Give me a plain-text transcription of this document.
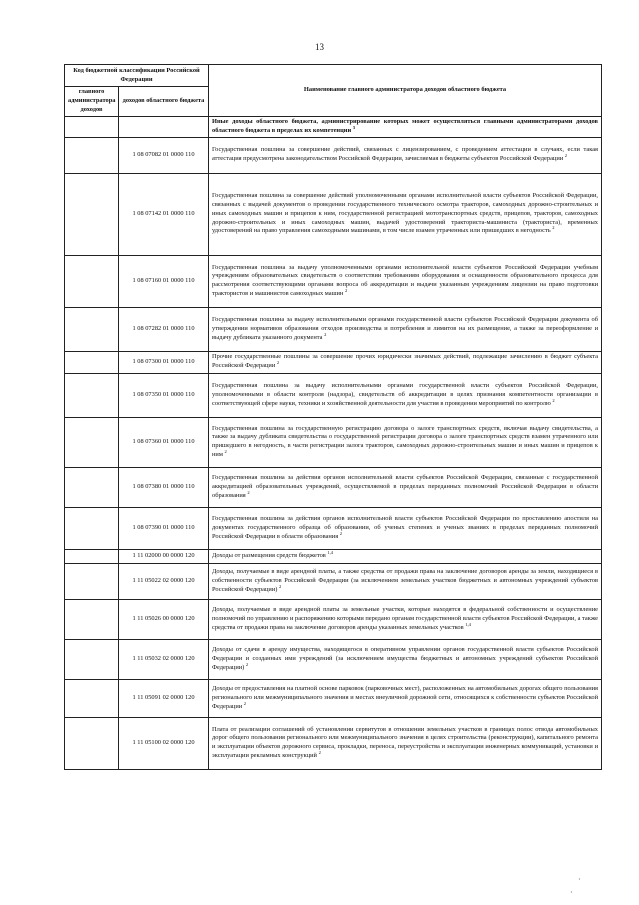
13
Код бюджетной классификации Российской Федерации		Наименование главного администратора доходов областного бюджета
главного администратора доходов	доходов областного бюджета	
		Иные доходы областного бюджета, администрирование которых может осуществляться главными администраторами доходов областного бюджета в пределах их компетенции $^3$
	1 08 07082 01 0000 110	Государственная пошлина за совершение действий, связанных с лицензированием, с проведением аттестации в случаях, если такая аттестация предусмотрена законодательством Российской Федерации, зачисляемая в бюджеты субъектов Российской Федерации $^2$
	1 08 07142 01 0000 110	Государственная пошлина за совершение действий уполномоченными органами исполнительной власти субъектов Российской Федерации, связанных с выдачей документов о проведении государственного технического осмотра тракторов, самоходных дорожно-строительных и иных самоходных машин и прицепов к ним, государственной регистрацией мототранспортных средств, прицепов, тракторов, самоходных дорожно-строительных и иных самоходных машин, выдачей удостоверений тракториста-машиниста (тракториста), временных удостоверений на право управления самоходными машинами, в том числе взамен утраченных или пришедших в негодность $^2$
	1 08 07160 01 0000 110	Государственная пошлина за выдачу уполномоченными органами исполнительной власти субъектов Российской Федерации учебным учреждениям образовательных свидетельств о соответствии требованиям оборудования и оснащенности образовательного процесса для рассмотрения соответствующими органами вопроса об аккредитации и выдачи указанным учреждениям лицензии на право подготовки трактористов и машинистов самоходных машин $^2$
	1 08 07282 01 0000 110	Государственная пошлина за выдачу исполнительными органами государственной власти субъектов Российской Федерации документа об утверждении нормативов образования отходов производства и потребления и лимитов на их размещение, а также за переоформление и выдачу дубликата указанного документа $^2$
	1 08 07300 01 0000 110	Прочие государственные пошлины за совершение прочих юридически значимых действий, подлежащие зачислению в бюджет субъекта Российской Федерации $^2$
	1 08 07350 01 0000 110	Государственная пошлина за выдачу исполнительными органами государственной власти субъектов Российской Федерации, уполномоченными в области контроля (надзора), свидетельств об аккредитации в целях признания компетентности организации в соответствующей сфере науки, техники и хозяйственной деятельности для участия в проведении мероприятий по контролю $^2$
	1 08 07360 01 0000 110	Государственная пошлина за государственную регистрацию договора о залоге транспортных средств, включая выдачу свидетельства, а также за выдачу дубликата свидетельства о государственной регистрации договора о залоге транспортных средств взамен утраченного или пришедшего в негодность, в части регистрации залога тракторов, самоходных дорожно-строительных машин и иных машин и прицепов к ним $^2$
	1 08 07380 01 0000 110	Государственная пошлина за действия органов исполнительной власти субъектов Российской Федерации, связанные с государственной аккредитацией образовательных учреждений, осуществляемой в пределах переданных полномочий Российской Федерации в области образования $^2$
	1 08 07390 01 0000 110	Государственная пошлина за действия органов исполнительной власти субъектов Российской Федерации по проставлению апостиля на документах государственного образца об образовании, об ученых степенях и ученых званиях в пределах переданных полномочий Российской Федерации в области образования $^2$
	1 11 02000 00 0000 120	Доходы от размещения средств бюджетов $^{1,4}$
	1 11 05022 02 0000 120	Доходы, получаемые в виде арендной платы, а также средства от продажи права на заключение договоров аренды за земли, находящиеся в собственности субъектов Российской Федерации (за исключением земельных участков бюджетных и автономных учреждений субъектов Российской Федерации) $^2$
	1 11 05026 00 0000 120	Доходы, получаемые в виде арендной платы за земельные участки, которые находятся в федеральной собственности и осуществление полномочий по управлению и распоряжению которыми передано органам государственной власти субъектов Российской Федерации, а также средства от продажи права на заключение договоров аренды указанных земельных участков $^{1,4}$
	1 11 05032 02 0000 120	Доходы от сдачи в аренду имущества, находящегося в оперативном управлении органов государственной власти субъектов Российской Федерации и созданных ими учреждений (за исключением имущества бюджетных и автономных учреждений субъектов Российской Федерации) $^2$
	1 11 05091 02 0000 120	Доходы от предоставления на платной основе парковок (парковочных мест), расположенных на автомобильных дорогах общего пользования регионального или межмуниципального значения и местах внеуличной дорожной сети, относящихся к собственности субъектов Российской Федерации $^2$
	1 11 05100 02 0000 120	Плата от реализации соглашений об установлении сервитутов в отношении земельных участков в границах полос отвода автомобильных дорог общего пользования регионального или межмуниципального значения в целях строительства (реконструкции), капитального ремонта и эксплуатации объектов дорожного сервиса, прокладки, переноса, переустройства и эксплуатации инженерных коммуникаций, установки и эксплуатации рекламных конструкций $^2$
·
·
